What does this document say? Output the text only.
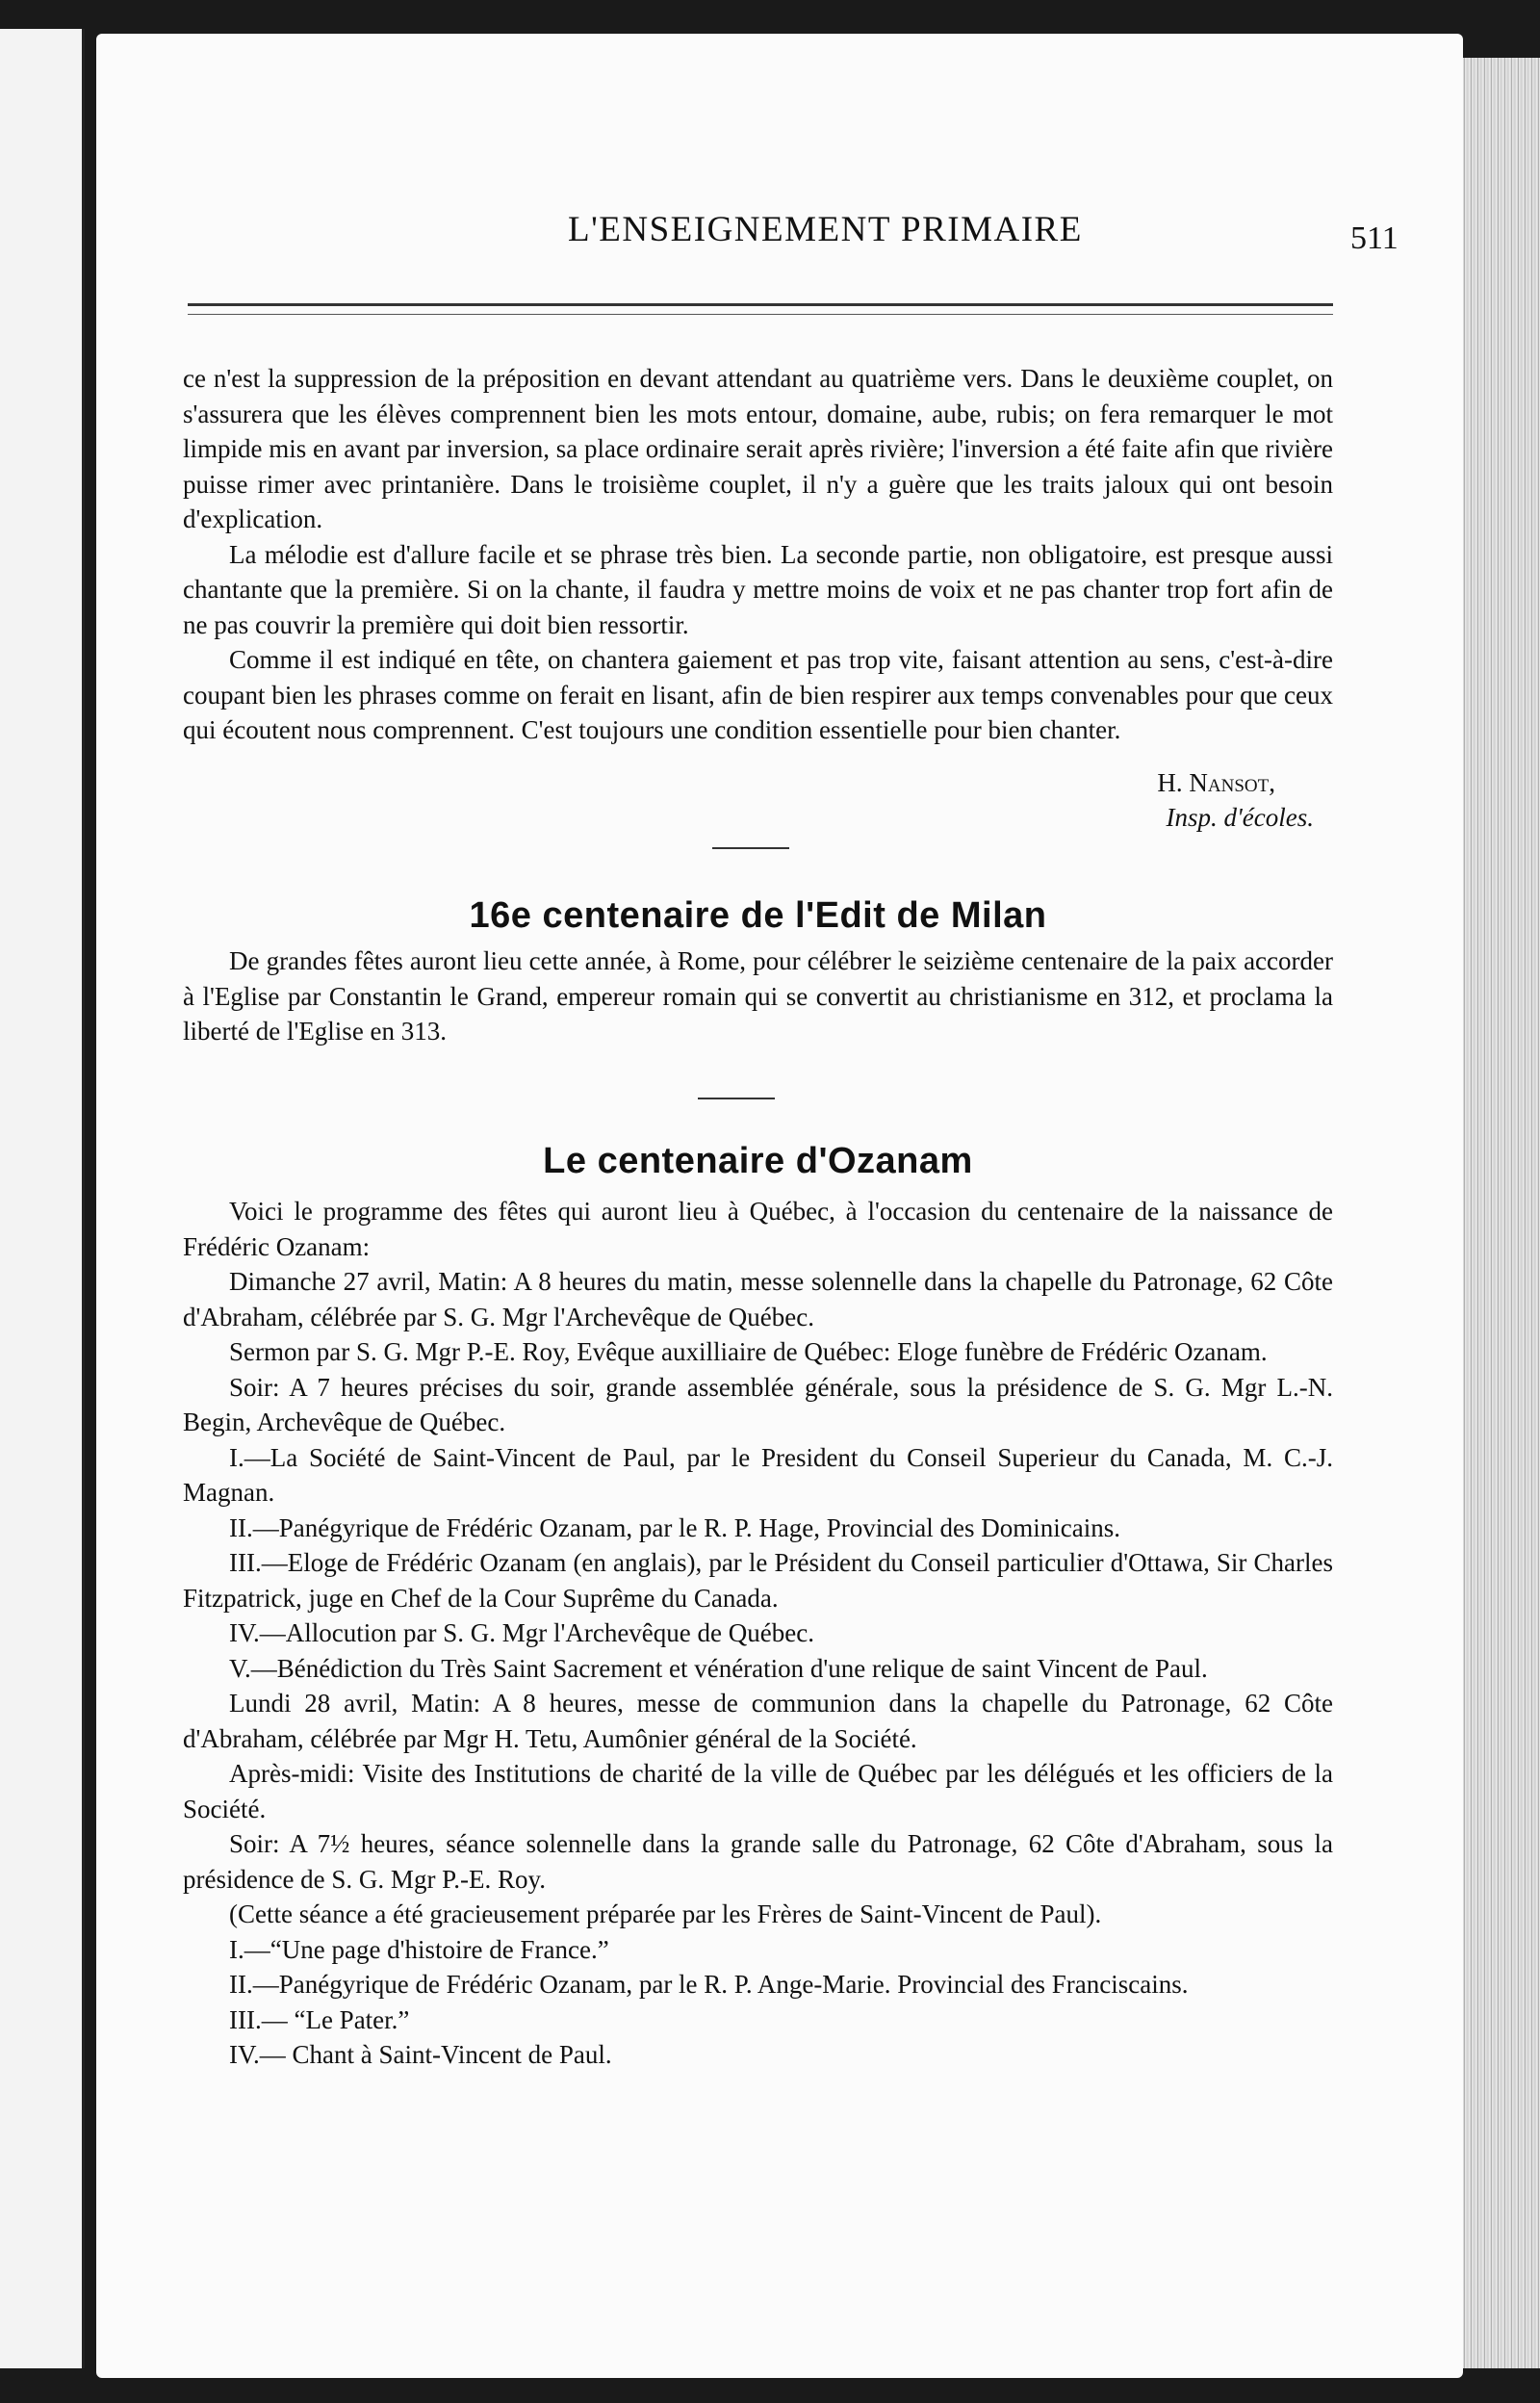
L'ENSEIGNEMENT PRIMAIRE	511

ce n'est la suppression de la préposition en devant attendant au quatrième vers. Dans le deuxième couplet, on s'assurera que les élèves comprennent bien les mots entour, domaine, aube, rubis; on fera remarquer le mot limpide mis en avant par inversion, sa place ordinaire serait après rivière; l'inversion a été faite afin que rivière puisse rimer avec printanière. Dans le troisième couplet, il n'y a guère que les traits jaloux qui ont besoin d'explication.

La mélodie est d'allure facile et se phrase très bien. La seconde partie, non obligatoire, est presque aussi chantante que la première. Si on la chante, il faudra y mettre moins de voix et ne pas chanter trop fort afin de ne pas couvrir la première qui doit bien ressortir.

Comme il est indiqué en tête, on chantera gaiement et pas trop vite, faisant attention au sens, c'est-à-dire coupant bien les phrases comme on ferait en lisant, afin de bien respirer aux temps convenables pour que ceux qui écoutent nous comprennent. C'est toujours une condition essentielle pour bien chanter.

H. Nansot,

Insp. d'écoles.

16e centenaire de l'Edit de Milan

De grandes fêtes auront lieu cette année, à Rome, pour célébrer le seizième centenaire de la paix accorder à l'Eglise par Constantin le Grand, empereur romain qui se convertit au christianisme en 312, et proclama la liberté de l'Eglise en 313.

Le centenaire d'Ozanam

Voici le programme des fêtes qui auront lieu à Québec, à l'occasion du centenaire de la naissance de Frédéric Ozanam:

Dimanche 27 avril, Matin: A 8 heures du matin, messe solennelle dans la chapelle du Patronage, 62 Côte d'Abraham, célébrée par S. G. Mgr l'Archevêque de Québec.

Sermon par S. G. Mgr P.-E. Roy, Evêque auxilliaire de Québec: Eloge funèbre de Frédéric Ozanam.

Soir: A 7 heures précises du soir, grande assemblée générale, sous la présidence de S. G. Mgr L.-N. Begin, Archevêque de Québec.

I.—La Société de Saint-Vincent de Paul, par le President du Conseil Superieur du Canada, M. C.-J. Magnan.

II.—Panégyrique de Frédéric Ozanam, par le R. P. Hage, Provincial des Dominicains.

III.—Eloge de Frédéric Ozanam (en anglais), par le Président du Conseil particulier d'Ottawa, Sir Charles Fitzpatrick, juge en Chef de la Cour Suprême du Canada.

IV.—Allocution par S. G. Mgr l'Archevêque de Québec.

V.—Bénédiction du Très Saint Sacrement et vénération d'une relique de saint Vincent de Paul.

Lundi 28 avril, Matin: A 8 heures, messe de communion dans la chapelle du Patronage, 62 Côte d'Abraham, célébrée par Mgr H. Tetu, Aumônier général de la Société.

Après-midi: Visite des Institutions de charité de la ville de Québec par les délégués et les officiers de la Société.

Soir: A 7½ heures, séance solennelle dans la grande salle du Patronage, 62 Côte d'Abraham, sous la présidence de S. G. Mgr P.-E. Roy.

(Cette séance a été gracieusement préparée par les Frères de Saint-Vincent de Paul).

I.—“Une page d'histoire de France.”

II.—Panégyrique de Frédéric Ozanam, par le R. P. Ange-Marie. Provincial des Franciscains.

III.— “Le Pater.”

IV.— Chant à Saint-Vincent de Paul.
